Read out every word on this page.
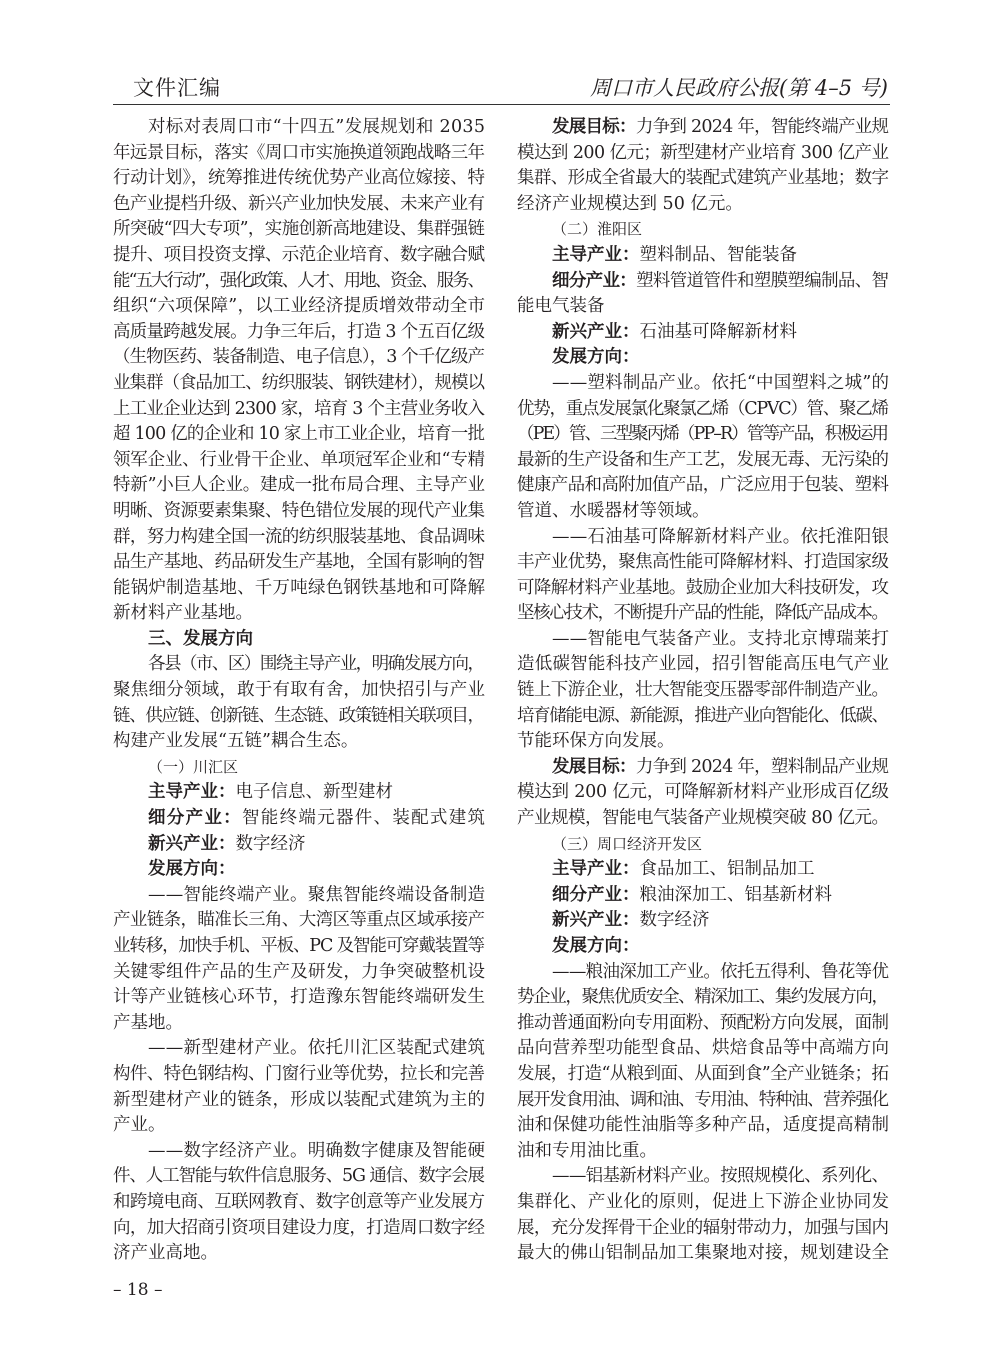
文件汇编	周口市人民政府公报(第 4–5 号)
对标对表周口市“十四五”发展规划和 2035
年远景目标，落实《周口市实施换道领跑战略三年
行动计划》，统筹推进传统优势产业高位嫁接、特
色产业提档升级、新兴产业加快发展、未来产业有
所突破“四大专项”，实施创新高地建设、集群强链
提升、项目投资支撑、示范企业培育、数字融合赋
能“五大行动”，强化政策、人才、用地、资金、服务、
组织“六项保障”，以工业经济提质增效带动全市
高质量跨越发展。力争三年后，打造 3 个五百亿级
（生物医药、装备制造、电子信息），3 个千亿级产
业集群（食品加工、纺织服装、钢铁建材），规模以
上工业企业达到 2300 家，培育 3 个主营业务收入
超 100 亿的企业和 10 家上市工业企业，培育一批
领军企业、行业骨干企业、单项冠军企业和“专精
特新”小巨人企业。建成一批布局合理、主导产业
明晰、资源要素集聚、特色错位发展的现代产业集
群，努力构建全国一流的纺织服装基地、食品调味
品生产基地、药品研发生产基地，全国有影响的智
能锅炉制造基地、千万吨绿色钢铁基地和可降解
新材料产业基地。
三、发展方向
各县（市、区）围绕主导产业，明确发展方向，
聚焦细分领域，敢于有取有舍，加快招引与产业
链、供应链、创新链、生态链、政策链相关联项目，
构建产业发展“五链”耦合生态。
（一）川汇区
主导产业：电子信息、新型建材
细分产业：智能终端元器件、装配式建筑
新兴产业：数字经济
发展方向：
——智能终端产业。聚焦智能终端设备制造
产业链条，瞄准长三角、大湾区等重点区域承接产
业转移，加快手机、平板、PC 及智能可穿戴装置等
关键零组件产品的生产及研发，力争突破整机设
计等产业链核心环节，打造豫东智能终端研发生
产基地。
——新型建材产业。依托川汇区装配式建筑
构件、特色钢结构、门窗行业等优势，拉长和完善
新型建材产业的链条，形成以装配式建筑为主的
产业。
——数字经济产业。明确数字健康及智能硬
件、人工智能与软件信息服务、5G 通信、数字会展
和跨境电商、互联网教育、数字创意等产业发展方
向，加大招商引资项目建设力度，打造周口数字经
济产业高地。
发展目标：力争到 2024 年，智能终端产业规
模达到 200 亿元；新型建材产业培育 300 亿产业
集群、形成全省最大的装配式建筑产业基地；数字
经济产业规模达到 50 亿元。
（二）淮阳区
主导产业：塑料制品、智能装备
细分产业：塑料管道管件和塑膜塑编制品、智
能电气装备
新兴产业：石油基可降解新材料
发展方向：
——塑料制品产业。依托“中国塑料之城”的
优势，重点发展氯化聚氯乙烯（CPVC）管、聚乙烯
（PE）管、三型聚丙烯（PP–R）管等产品，积极运用
最新的生产设备和生产工艺，发展无毒、无污染的
健康产品和高附加值产品，广泛应用于包装、塑料
管道、水暖器材等领域。
——石油基可降解新材料产业。依托淮阳银
丰产业优势，聚焦高性能可降解材料、打造国家级
可降解材料产业基地。鼓励企业加大科技研发，攻
坚核心技术，不断提升产品的性能，降低产品成本。
——智能电气装备产业。支持北京博瑞莱打
造低碳智能科技产业园，招引智能高压电气产业
链上下游企业，壮大智能变压器零部件制造产业。
培育储能电源、新能源，推进产业向智能化、低碳、
节能环保方向发展。
发展目标：力争到 2024 年，塑料制品产业规
模达到 200 亿元，可降解新材料产业形成百亿级
产业规模，智能电气装备产业规模突破 80 亿元。
（三）周口经济开发区
主导产业：食品加工、铝制品加工
细分产业：粮油深加工、铝基新材料
新兴产业：数字经济
发展方向：
——粮油深加工产业。依托五得利、鲁花等优
势企业，聚焦优质安全、精深加工、集约发展方向，
推动普通面粉向专用面粉、预配粉方向发展，面制
品向营养型功能型食品、烘焙食品等中高端方向
发展，打造“从粮到面、从面到食”全产业链条；拓
展开发食用油、调和油、专用油、特种油、营养强化
油和保健功能性油脂等多种产品，适度提高精制
油和专用油比重。
——铝基新材料产业。按照规模化、系列化、
集群化、产业化的原则，促进上下游企业协同发
展，充分发挥骨干企业的辐射带动力，加强与国内
最大的佛山铝制品加工集聚地对接，规划建设全
– 18 –
